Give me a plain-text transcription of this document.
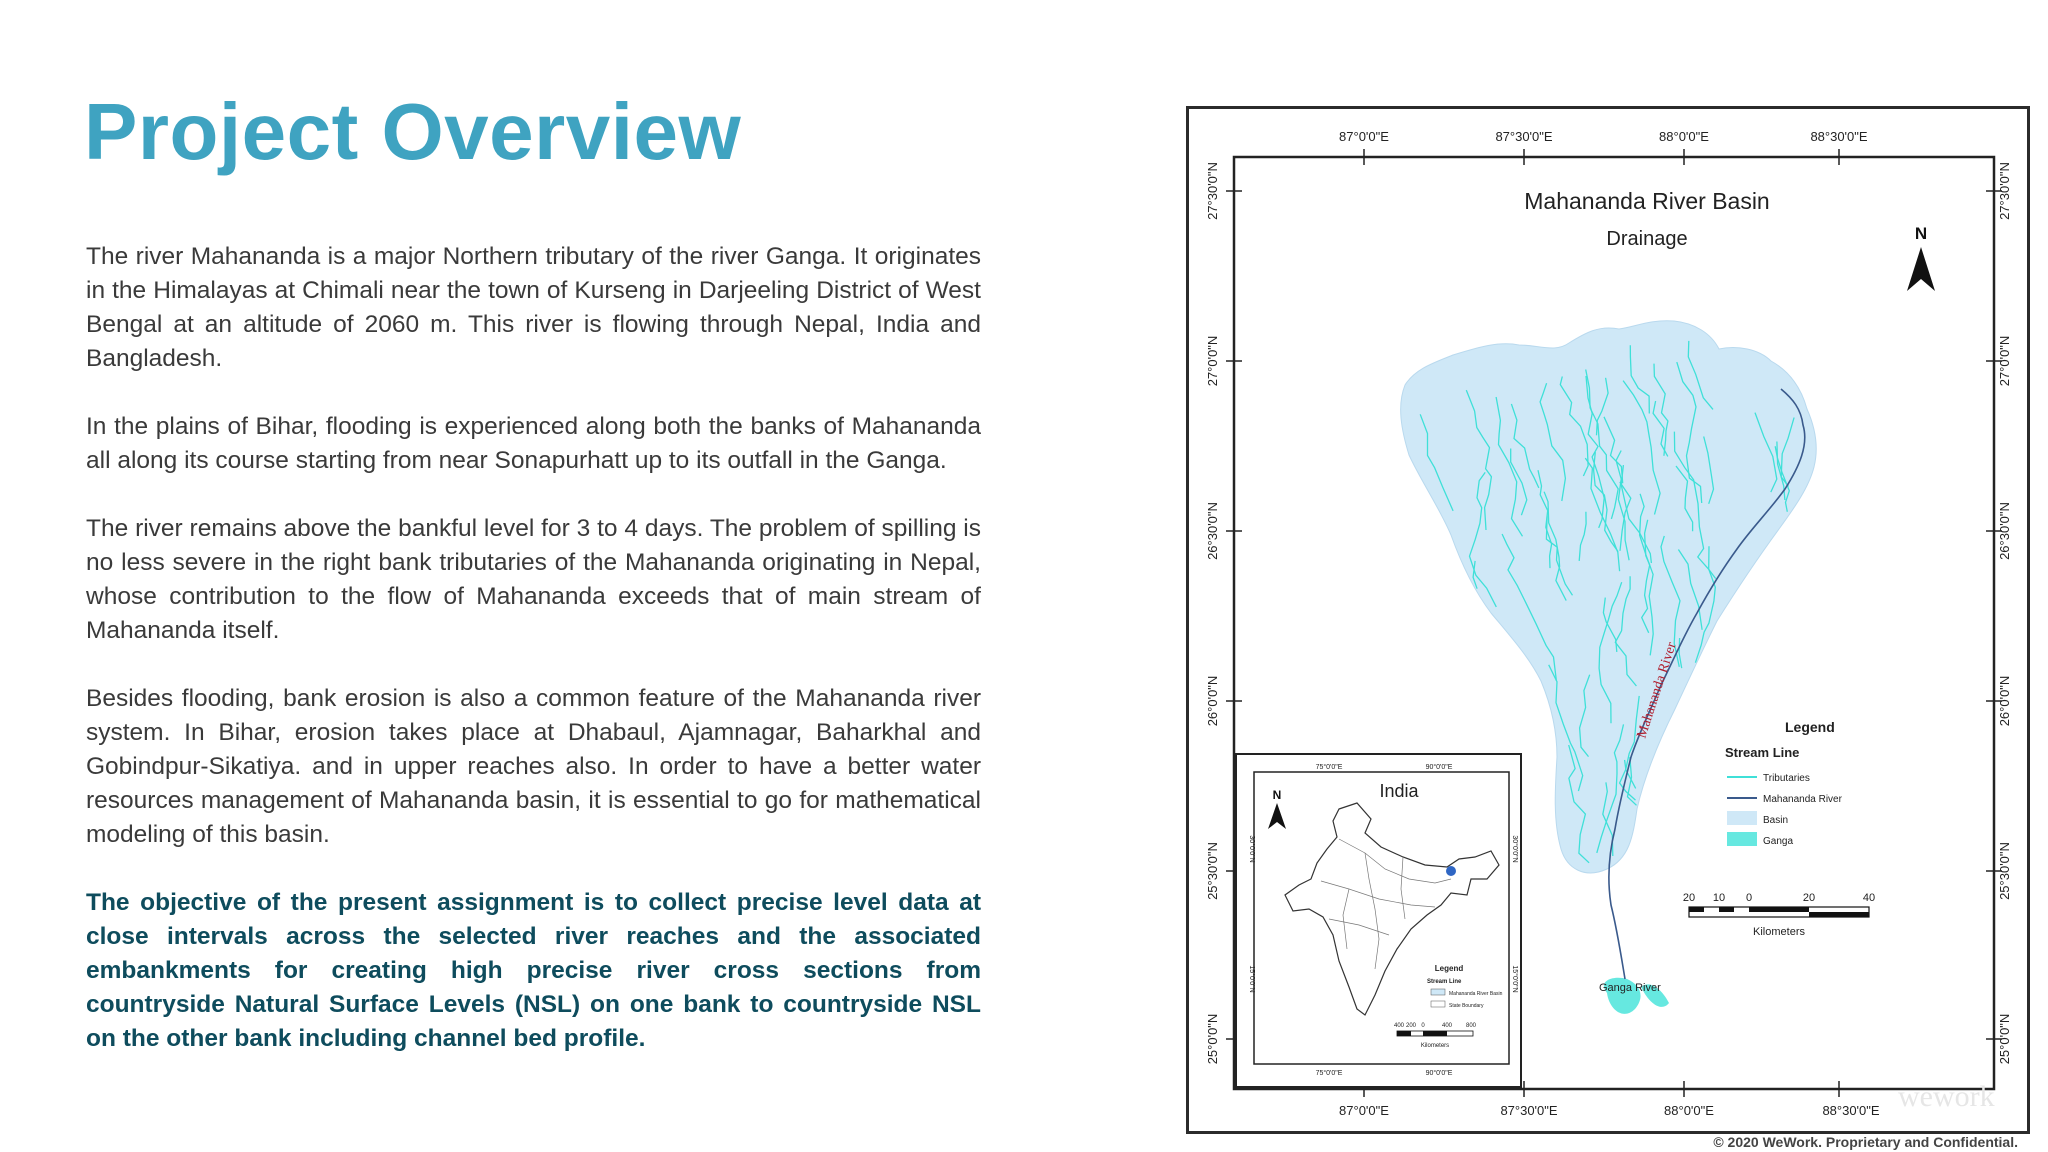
Project Overview

The river Mahananda is a major Northern tributary of the river Ganga. It originates in the Himalayas at Chimali near the town of Kurseng in Darjeeling District of West Bengal at an altitude of 2060 m. This river is flowing through Nepal, India and Bangladesh.

In the plains of Bihar, flooding is experienced along both the banks of Mahananda all along its course starting from near Sonapurhatt up to its outfall in the Ganga.

The river remains above the bankful level for 3 to 4 days. The problem of spilling is no less severe in the right bank tributaries of the Mahananda originating in Nepal, whose contribution to the flow of Mahananda exceeds that of main stream of Mahananda itself.

Besides flooding, bank erosion is also a common feature of the Mahananda river system. In Bihar, erosion takes place at Dhabaul, Ajamnagar, Baharkhal and Gobindpur-Sikatiya. and in upper reaches also. In order to have a better water resources management of Mahananda basin, it is essential to go for mathematical modeling of this basin.

The objective of the present assignment is to collect precise level data at close intervals across the selected river reaches and the associated embankments for creating high precise river cross sections from countryside Natural Surface Levels (NSL) on one bank to countryside NSL on the other bank including channel bed profile.

87°0'0"E	87°30'0"E	88°0'0"E	88°30'0"E
87°0'0"E	87°30'0"E	88°0'0"E	88°30'0"E
27°30'0"N
27°0'0"N
26°30'0"N
26°0'0"N
25°30'0"N
25°0'0"N
27°30'0"N
27°0'0"N
26°30'0"N
26°0'0"N
25°30'0"N
25°0'0"N
Mahananda River Basin
Drainage	N
Mahananda River
Ganga River
Legend
Stream Line
Tributaries
Mahananda River
Basin
Ganga
20 10 0	20	40
Kilometers
75°0'0"E	90°0'0"E
75°0'0"E	90°0'0"E
30°0'0"N
15°0'0"N
30°0'0"N
15°0'0"N
India
N
Legend
Stream Line
Mahananda River Basin
State Boundary
400 200 0	400 800
Kilometers
wework
© 2020 WeWork. Proprietary and Confidential.
